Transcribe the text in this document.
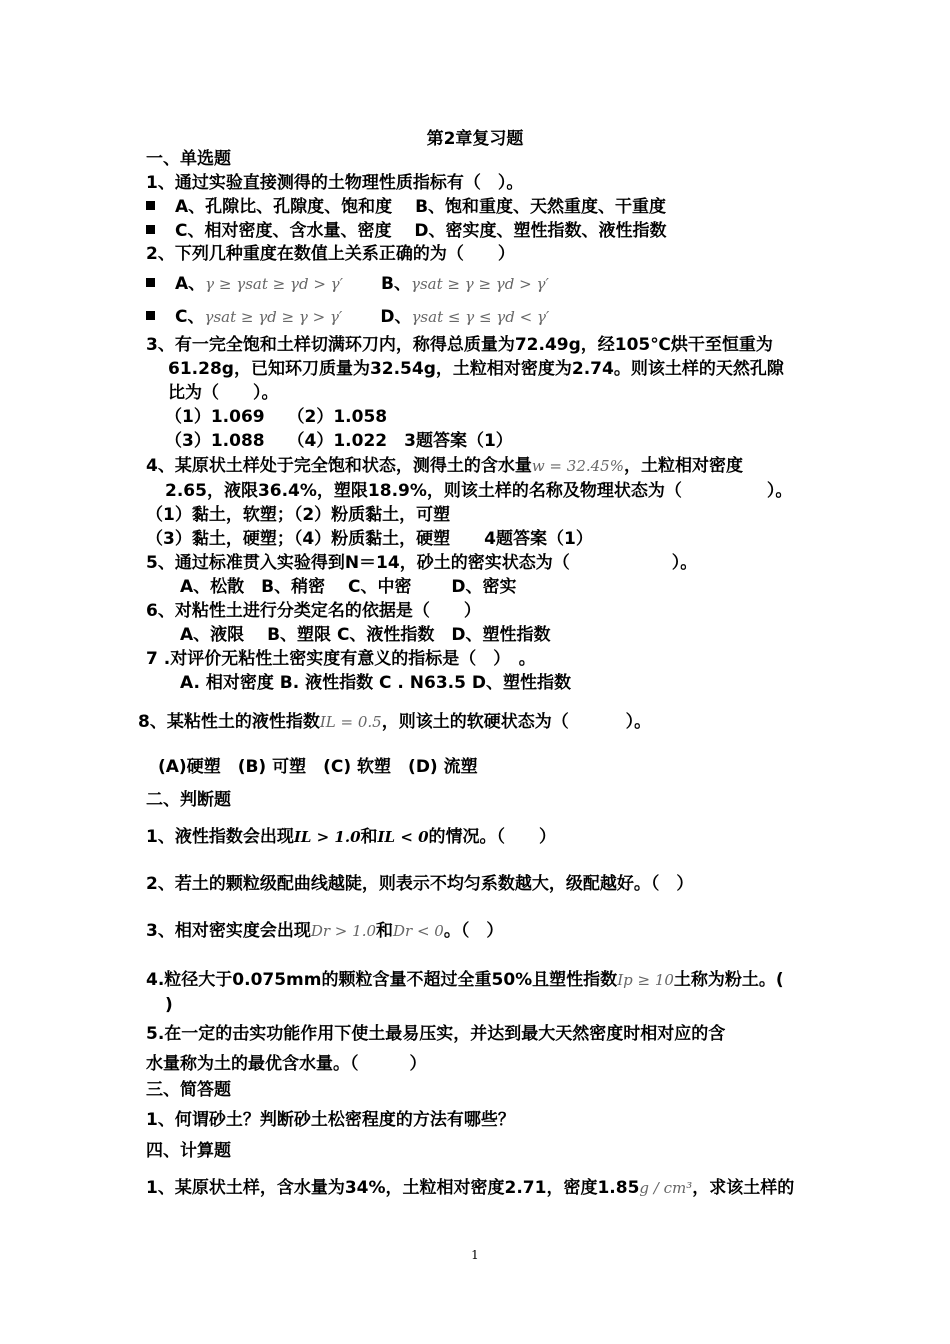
第2章复习题
一、单选题
1、通过实验直接测得的土物理性质指标有（　）。
A、孔隙比、孔隙度、饱和度　 B、饱和重度、天然重度、干重度
C、相对密度、含水量、密度　 D、密实度、塑性指数、液性指数
2、下列几种重度在数值上关系正确的为（　　）
A、γ ≥ γsat ≥ γd > γ′ B、γsat ≥ γ ≥ γd > γ′
C、γsat ≥ γd ≥ γ > γ′ D、γsat ≤ γ ≤ γd < γ′
3、有一完全饱和土样切满环刀内，称得总质量为72.49g，经105℃烘干至恒重为
61.28g，已知环刀质量为32.54g，土粒相对密度为2.74。则该土样的天然孔隙
比为（　　）。
（1）1.069　 （2）1.058
（3）1.088　 （4）1.022　3题答案（1）
4、某原状土样处于完全饱和状态，测得土的含水量w = 32.45%，土粒相对密度
2.65，液限36.4%，塑限18.9%，则该土样的名称及物理状态为（　　　　　）。
（1）黏土，软塑；（2）粉质黏土，可塑
（3）黏土，硬塑；（4）粉质黏土，硬塑　　4题答案（1）
5、通过标准贯入实验得到N＝14，砂土的密实状态为（　　　　　　）。
A、松散　B、稍密　 C、中密　　 D、密实
6、对粘性土进行分类定名的依据是（　　）
A、液限　 B、塑限 C、液性指数　D、塑性指数
7 .对评价无粘性土密实度有意义的指标是（　）　。
A. 相对密度 B. 液性指数 C . N63.5 D、塑性指数
8、某粘性土的液性指数IL = 0.5，则该土的软硬状态为（　　　 ）。
(A)硬塑　(B) 可塑　(C) 软塑　(D) 流塑
二、判断题
1、液性指数会出现IL > 1.0和IL < 0的情况。（　　）
2、若土的颗粒级配曲线越陡，则表示不均匀系数越大，级配越好。（　）
3、相对密实度会出现Dr > 1.0和Dr < 0。（　）
4.粒径大于0.075mm的颗粒含量不超过全重50%且塑性指数Ip ≥ 10土称为粉土。(
)
5.在一定的击实功能作用下使土最易压实，并达到最大天然密度时相对应的含
水量称为土的最优含水量。（　　　）
三、简答题
1、何谓砂土？判断砂土松密程度的方法有哪些？
四、计算题
1、某原状土样，含水量为34%，土粒相对密度2.71，密度1.85g / cm³，求该土样的
1
